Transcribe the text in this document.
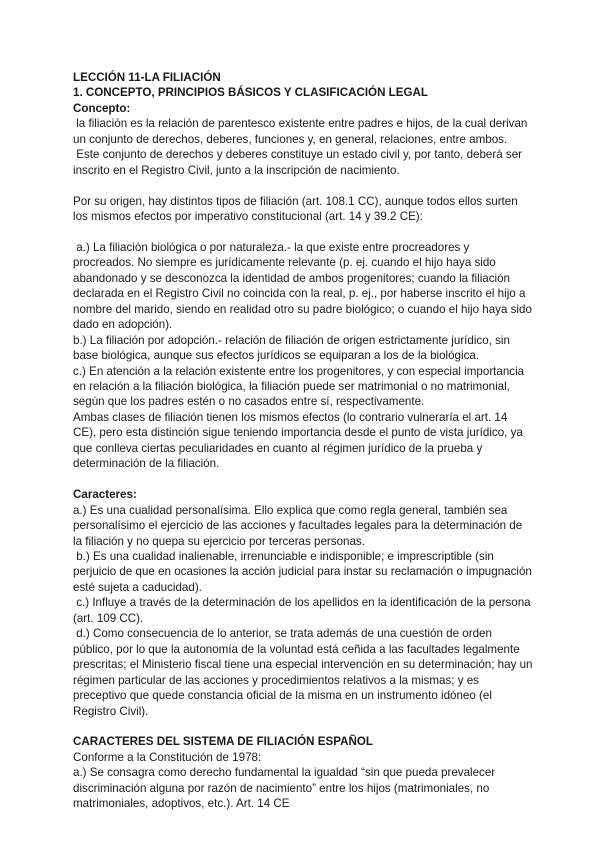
LECCIÓN 11-LA FILIACIÓN

1. CONCEPTO, PRINCIPIOS BÁSICOS Y CLASIFICACIÓN LEGAL

Concepto:

la filiación es la relación de parentesco existente entre padres e hijos, de la cual derivan un conjunto de derechos, deberes, funciones y, en general, relaciones, entre ambos.

Este conjunto de derechos y deberes constituye un estado civil y, por tanto, deberá ser inscrito en el Registro Civil, junto a la inscripción de nacimiento.

Por su origen, hay distintos tipos de filiación (art. 108.1 CC), aunque todos ellos surten los mismos efectos por imperativo constitucional (art. 14 y 39.2 CE):

a.) La filiación biológica o por naturaleza.- la que existe entre procreadores y procreados. No siempre es jurídicamente relevante (p. ej. cuando el hijo haya sido abandonado y se desconozca la identidad de ambos progenitores; cuando la filiación declarada en el Registro Civil no coincida con la real, p. ej., por haberse inscrito el hijo a nombre del marido, siendo en realidad otro su padre biológico; o cuando el hijo haya sido dado en adopción).

b.) La filiación por adopción.- relación de filiación de origen estrictamente jurídico, sin base biológica, aunque sus efectos jurídicos se equiparan a los de la biológica.

c.) En atención a la relación existente entre los progenitores, y con especial importancia en relación a la filiación biológica, la filiación puede ser matrimonial o no matrimonial, según que los padres estén o no casados entre sí, respectivamente.

Ambas clases de filiación tienen los mismos efectos (lo contrario vulneraría el art. 14 CE), pero esta distinción sigue teniendo importancia desde el punto de vista jurídico, ya que conlleva ciertas peculiaridades en cuanto al régimen jurídico de la prueba y determinación de la filiación.

Caracteres:

a.) Es una cualidad personalísima. Ello explica que como regla general, también sea personalísimo el ejercicio de las acciones y facultades legales para la determinación de la filiación y no quepa su ejercicio por terceras personas.

b.) Es una cualidad inalienable, irrenunciable e indisponible; e imprescriptible (sin perjuicio de que en ocasiones la acción judicial para instar su reclamación o impugnación esté sujeta a caducidad).

c.) Influye a través de la determinación de los apellidos en la identificación de la persona (art. 109 CC).

d.) Como consecuencia de lo anterior, se trata además de una cuestión de orden público, por lo que la autonomía de la voluntad está ceñida a las facultades legalmente prescritas; el Ministerio fiscal tiene una especial intervención en su determinación; hay un régimen particular de las acciones y procedimientos relativos a la mismas; y es preceptivo que quede constancia oficial de la misma en un instrumento idóneo (el Registro Civil).

CARACTERES DEL SISTEMA DE FILIACIÓN ESPAÑOL

Conforme a la Constitución de 1978:

a.) Se consagra como derecho fundamental la igualdad “sin que pueda prevalecer discriminación alguna por razón de nacimiento” entre los hijos (matrimoniales, no matrimoniales, adoptivos, etc.). Art. 14 CE
